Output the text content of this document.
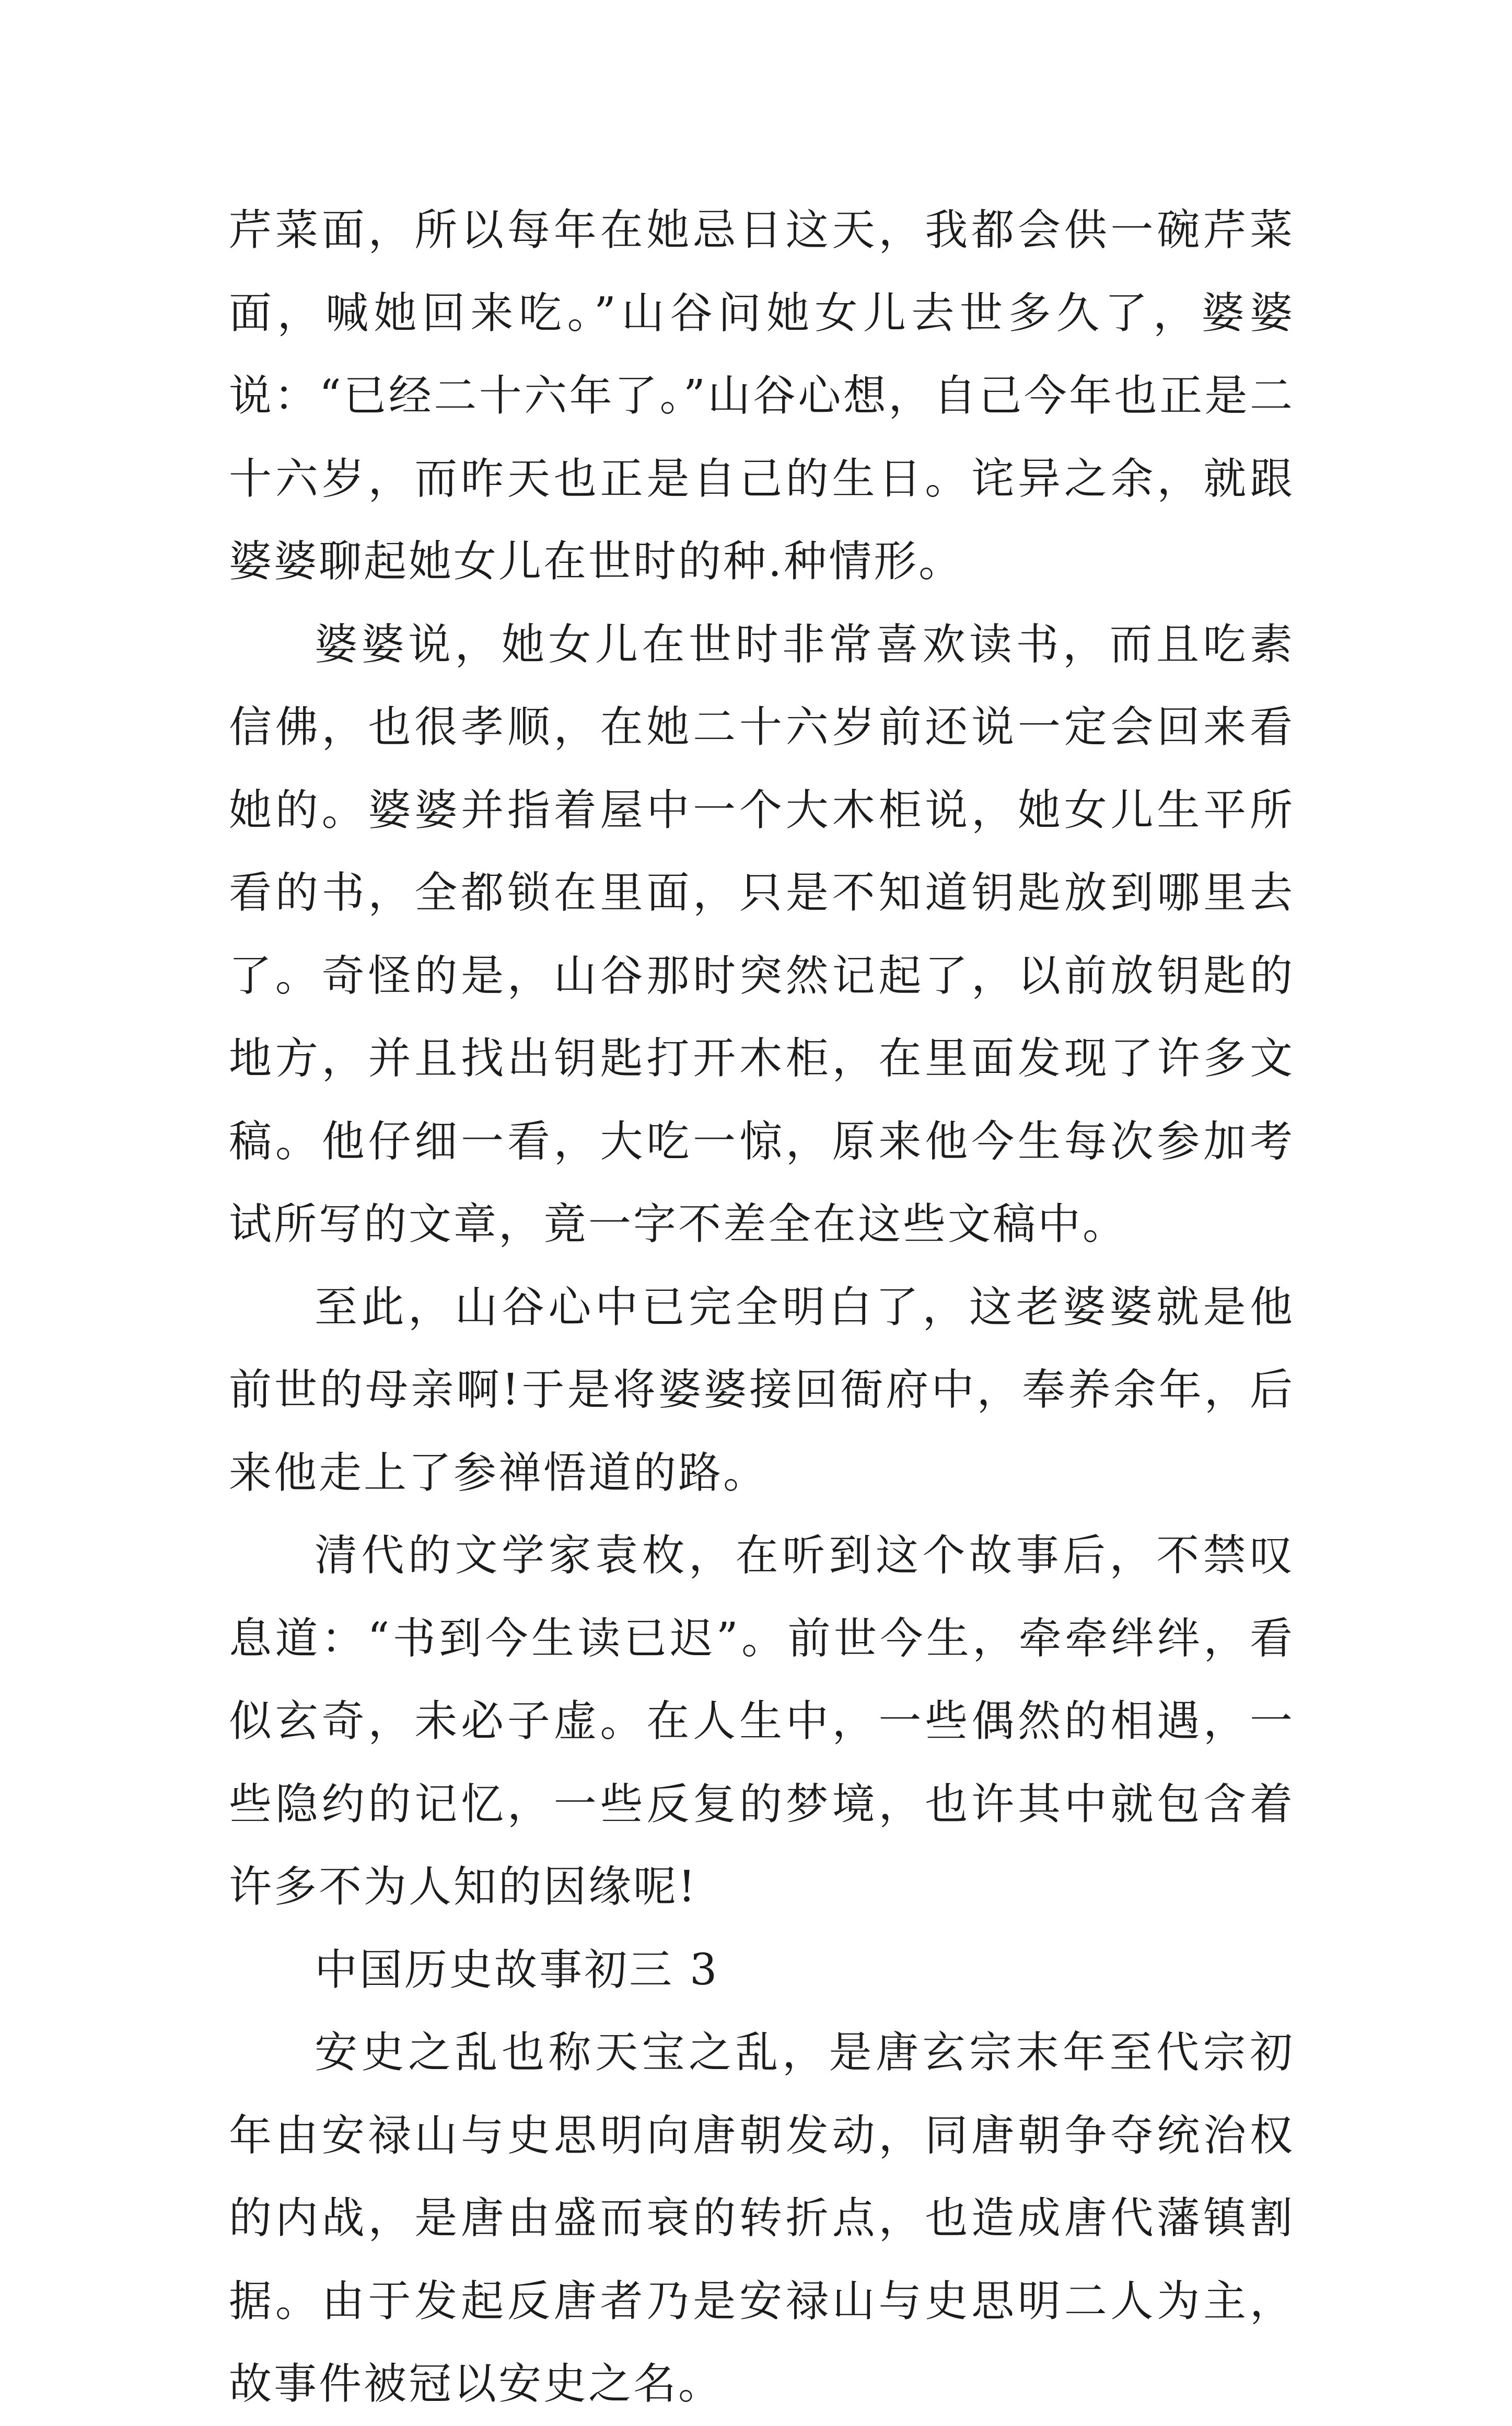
芹菜面，所以每年在她忌日这天，我都会供一碗芹菜面，喊她回来吃。”山谷问她女儿去世多久了，婆婆说：“已经二十六年了。”山谷心想，自己今年也正是二十六岁，而昨天也正是自己的生日。诧异之余，就跟婆婆聊起她女儿在世时的种.种情形。

婆婆说，她女儿在世时非常喜欢读书，而且吃素信佛，也很孝顺，在她二十六岁前还说一定会回来看她的。婆婆并指着屋中一个大木柜说，她女儿生平所看的书，全都锁在里面，只是不知道钥匙放到哪里去了。奇怪的是，山谷那时突然记起了，以前放钥匙的地方，并且找出钥匙打开木柜，在里面发现了许多文稿。他仔细一看，大吃一惊，原来他今生每次参加考试所写的文章，竟一字不差全在这些文稿中。

至此，山谷心中已完全明白了，这老婆婆就是他前世的母亲啊!于是将婆婆接回衙府中，奉养余年，后来他走上了参禅悟道的路。

清代的文学家袁枚，在听到这个故事后，不禁叹息道：“书到今生读已迟”。前世今生，牵牵绊绊，看似玄奇，未必子虚。在人生中，一些偶然的相遇，一些隐约的记忆，一些反复的梦境，也许其中就包含着许多不为人知的因缘呢!

中国历史故事初三 3

安史之乱也称天宝之乱，是唐玄宗末年至代宗初年由安禄山与史思明向唐朝发动，同唐朝争夺统治权的内战，是唐由盛而衰的转折点，也造成唐代藩镇割据。由于发起反唐者乃是安禄山与史思明二人为主，故事件被冠以安史之名。
